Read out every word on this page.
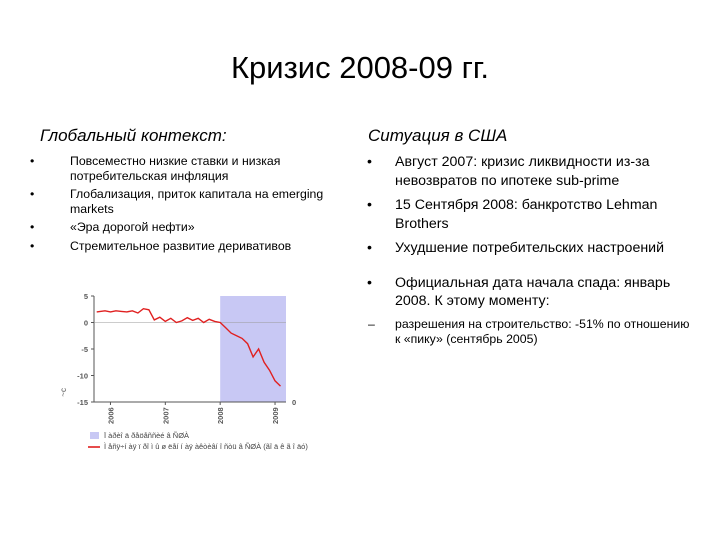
Кризис 2008-09 гг.
Глобальный контекст:
•	Повсеместно низкие ставки и низкая потребительская инфляция
•	Глобализация, приток капитала на emerging markets
•	«Эра дорогой нефти»
•	Стремительное развитие деривативов
Ситуация в США
• Август 2007: кризис ликвидности из-за невозвратов по ипотеке sub-prime
• 15 Сентября 2008: банкротство Lehman Brothers
• Ухудшение потребительских настроений
• Официальная дата начала спада: январь 2008. К этому моменту:
– разрешения на строительство: -51% по отношению к «пику» (сентябрь 2005)
5
0
-5
-10
-15	0
~c
2006	2007	2008	2009
Ï àðèî ä ðåöåññèé â ÑØÀ
Ì åñÿ÷í àÿ ï ðî ì û ø ëåí í àÿ àêòèâí î ñòü â ÑØÀ (ãî ä ê ã î äó)
